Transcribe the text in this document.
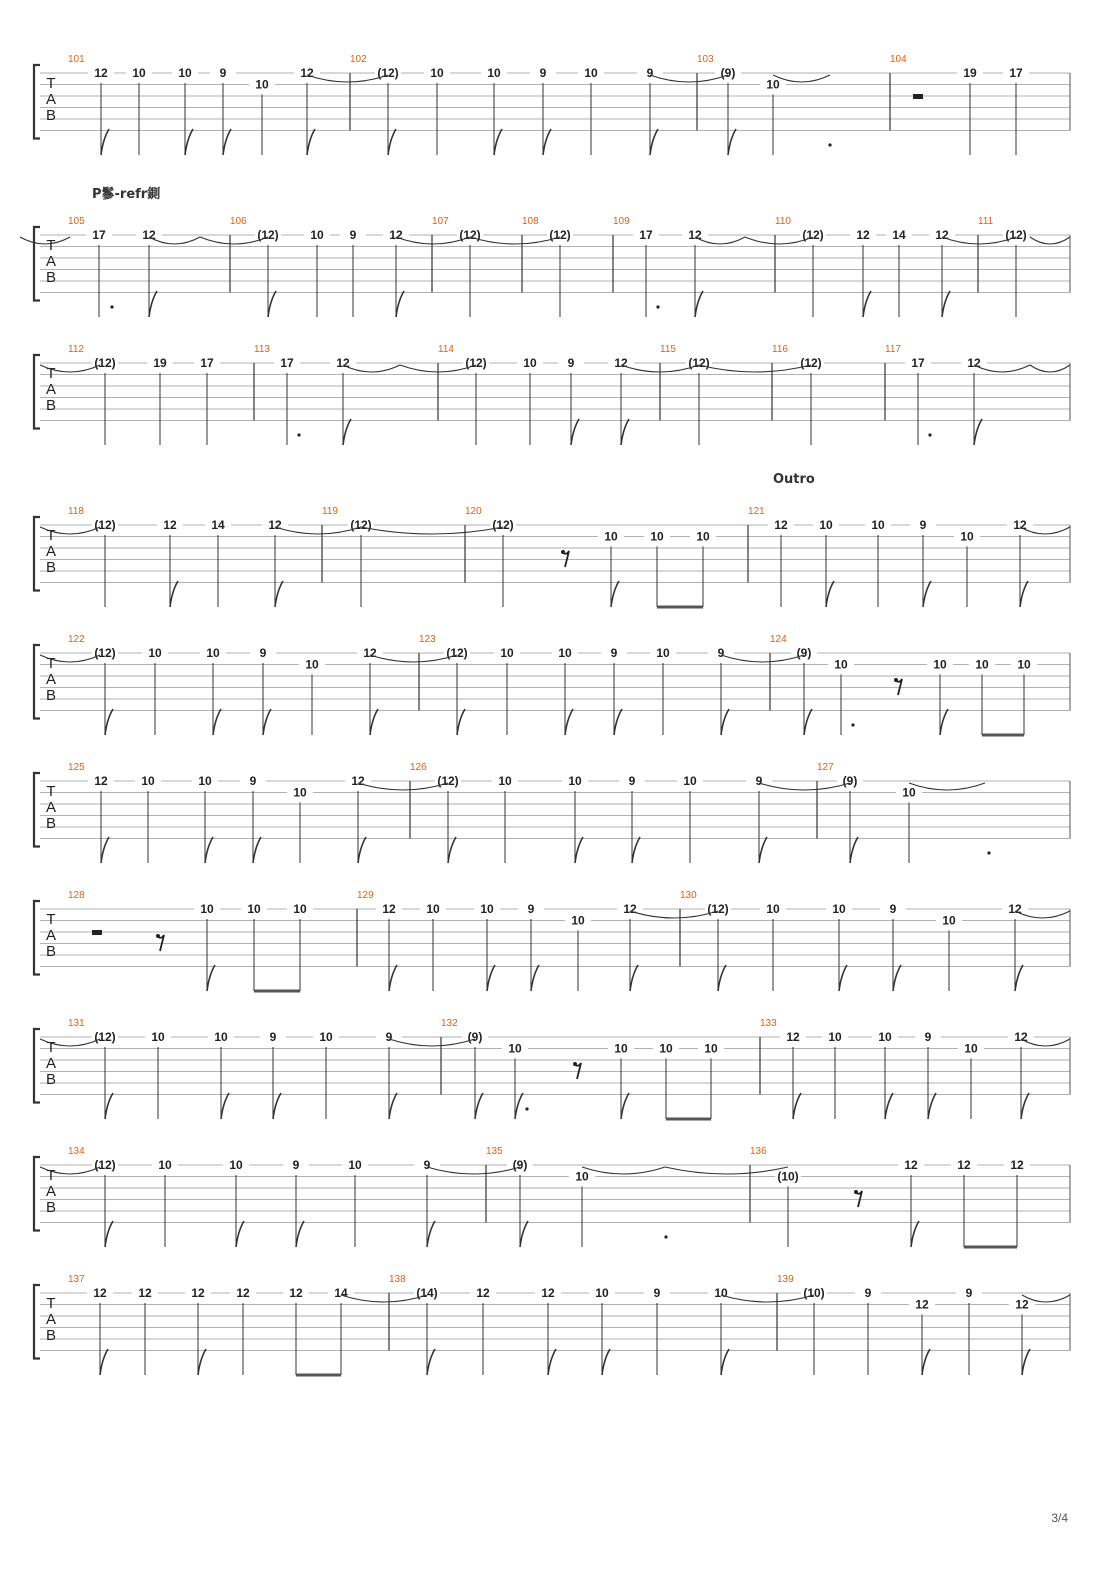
P鬖-refr鍘
Outro
T
A
B
101
12 10	10 9
10
12
102
(12)	10	10	9	10	9
103
(9)
10
104
19	17
T
A
B
105
17	12
106
(12)	10 9	12
107
(12)
108
(12)
109
17	12
110
(12)	12 14 12
111
(12)
T
A
B
112
(12)	19	17
113
17	12
114
(12)	10	9	12
115
(12)
116
(12)
117
17	12
T
A
B
118
(12)	12	14	12
119
(12)
120
(12)
10	10	10
121
12	10	10	9
10
12
T
A
B
122
(12)	10	10	9
10
12
123
(12)	10	10	9	10	9
124
(9)
10	10 10 10
T
A
B
125
12	10	10	9
10
12
126
(12)	10	10	9	10	9
127
(9)
10
T
A
B
128
10	10	10
129
12	10	10	9
10
12
130
(12)	10	10	9
10
12
T
A
B
131
(12)	10	10	9	10	9
132
(9)
10	10	10	10
133
12 10	10	9
10
12
T
A
B
134
(12)	10	10	9	10	9
135
(9)
10
136
(10)
12	12	12
T
A
B
137
12	12	12	12	12	14
138
(14)	12	12	10	9	10
139
(10)	9
12
9
12
3/4
